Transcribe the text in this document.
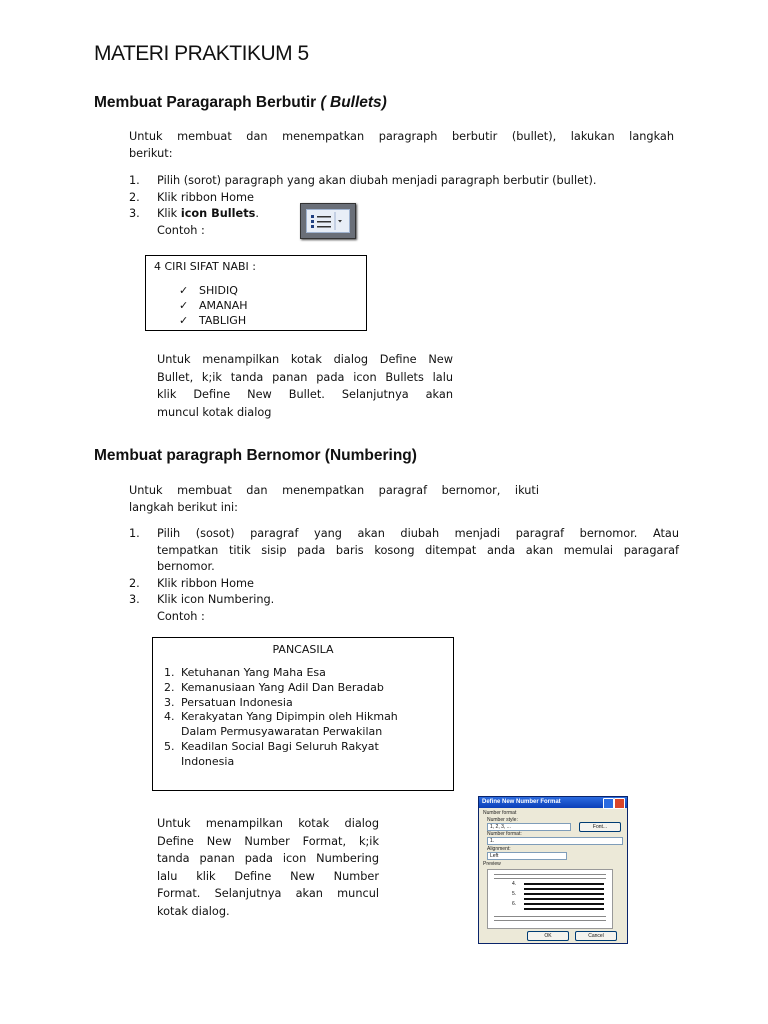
MATERI PRAKTIKUM 5
Membuat Paragaraph Berbutir ( Bullets)
Untuk membuat dan menempatkan paragraph berbutir (bullet), lakukan langkah
berikut:
1. Pilih (sorot) paragraph yang akan diubah menjadi paragraph berbutir (bullet).
2. Klik ribbon Home
3. Klik icon Bullets.
Contoh :
4 CIRI SIFAT NABI :
✓ SHIDIQ
✓ AMANAH
✓ TABLIGH
Untuk menampilkan kotak dialog Define New
Bullet, k;ik tanda panan pada icon Bullets lalu
klik Define New Bullet. Selanjutnya akan
muncul kotak dialog
Membuat paragraph Bernomor (Numbering)
Untuk membuat dan menempatkan paragraf bernomor, ikuti
langkah berikut ini:
1. Pilih (sosot) paragraf yang akan diubah menjadi paragraf bernomor. Atau
tempatkan titik sisip pada baris kosong ditempat anda akan memulai paragaraf
bernomor.
2. Klik ribbon Home
3. Klik icon Numbering.
Contoh :
PANCASILA
1. Ketuhanan Yang Maha Esa
2. Kemanusiaan Yang Adil Dan Beradab
3. Persatuan Indonesia
4. Kerakyatan Yang Dipimpin oleh Hikmah
Dalam Permusyawaratan Perwakilan
5. Keadilan Social Bagi Seluruh Rakyat
Indonesia
Untuk menampilkan kotak dialog
Define New Number Format, k;ik
tanda panan pada icon Numbering
lalu klik Define New Number
Format. Selanjutnya akan muncul
kotak dialog.
Define New Number Format
Number format
Number style:
1, 2, 3, ...	Font...
Number format:
1.
Alignment:
Left
Preview
4.
5.
6.
OK	Cancel
